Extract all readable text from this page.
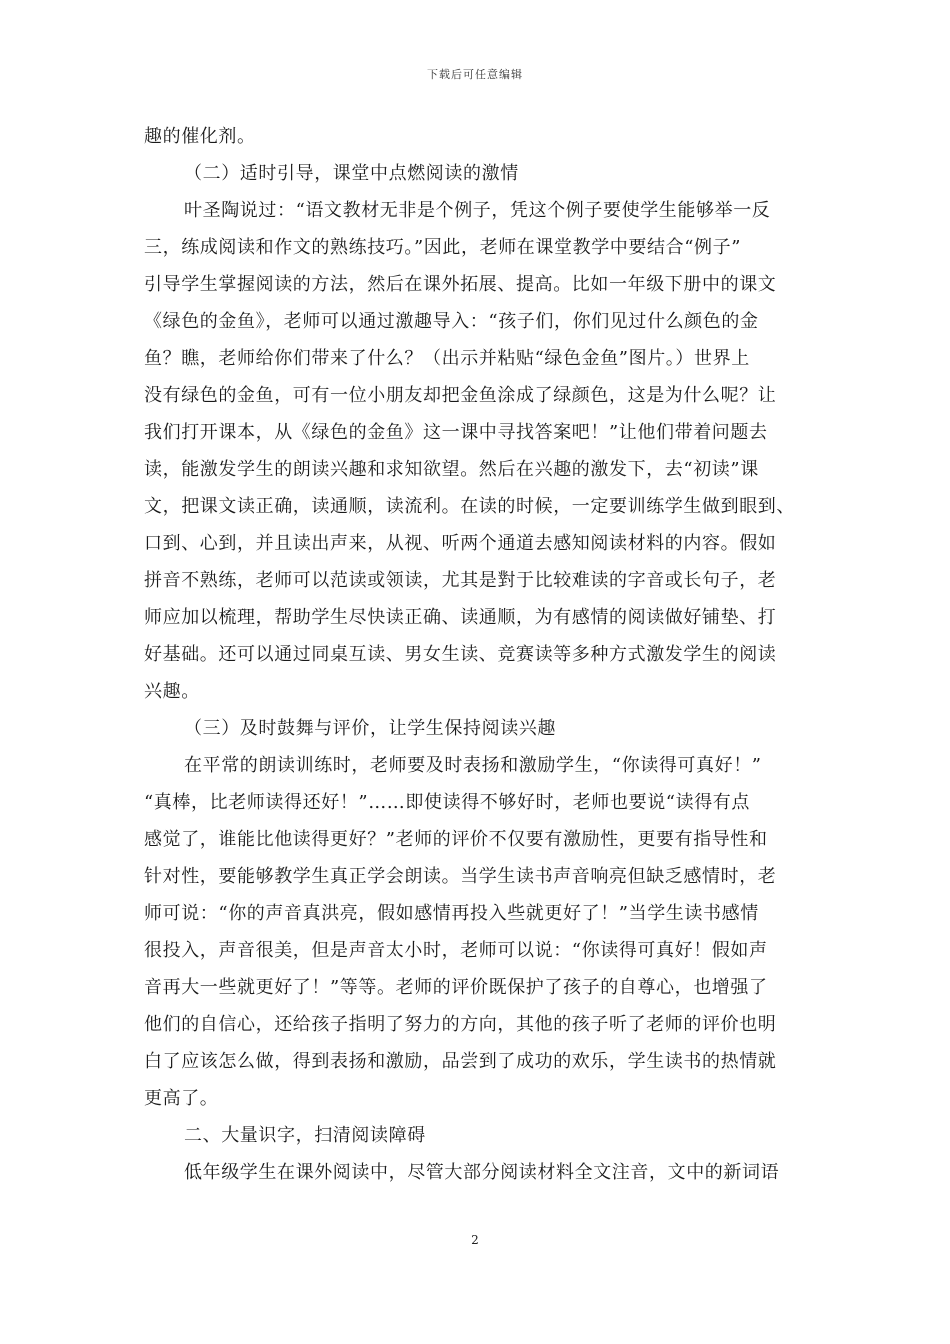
下载后可任意编辑
趣的催化剂。
（二）适时引导，课堂中点燃阅读的激情
叶圣陶说过：“语文教材无非是个例子，凭这个例子要使学生能够举一反
三，练成阅读和作文的熟练技巧。”因此，老师在课堂教学中要结合“例子”
引导学生掌握阅读的方法，然后在课外拓展、提高。比如一年级下册中的课文
《绿色的金鱼》，老师可以通过激趣导入：“孩子们，你们见过什么颜色的金
鱼？瞧，老师给你们带来了什么？（出示并粘贴“绿色金鱼”图片。）世界上
没有绿色的金鱼，可有一位小朋友却把金鱼涂成了绿颜色，这是为什么呢？让
我们打开课本，从《绿色的金鱼》这一课中寻找答案吧！”让他们带着问题去
读，能激发学生的朗读兴趣和求知欲望。然后在兴趣的激发下，去“初读”课
文，把课文读正确，读通顺，读流利。在读的时候，一定要训练学生做到眼到、
口到、心到，并且读出声来，从视、听两个通道去感知阅读材料的内容。假如
拼音不熟练，老师可以范读或领读，尤其是對于比较难读的字音或长句子，老
师应加以梳理，帮助学生尽快读正确、读通顺，为有感情的阅读做好铺垫、打
好基础。还可以通过同桌互读、男女生读、竞赛读等多种方式激发学生的阅读
兴趣。
（三）及时鼓舞与评价，让学生保持阅读兴趣
在平常的朗读训练时，老师要及时表扬和激励学生，“你读得可真好！”
“真棒，比老师读得还好！”……即使读得不够好时，老师也要说“读得有点
感觉了，谁能比他读得更好？”老师的评价不仅要有激励性，更要有指导性和
针对性，要能够教学生真正学会朗读。当学生读书声音响亮但缺乏感情时，老
师可说：“你的声音真洪亮，假如感情再投入些就更好了！”当学生读书感情
很投入，声音很美，但是声音太小时，老师可以说：“你读得可真好！假如声
音再大一些就更好了！”等等。老师的评价既保护了孩子的自尊心，也增强了
他们的自信心，还给孩子指明了努力的方向，其他的孩子听了老师的评价也明
白了应该怎么做，得到表扬和激励，品尝到了成功的欢乐，学生读书的热情就
更高了。
二、大量识字，扫清阅读障碍
低年级学生在课外阅读中，尽管大部分阅读材料全文注音，文中的新词语
2
